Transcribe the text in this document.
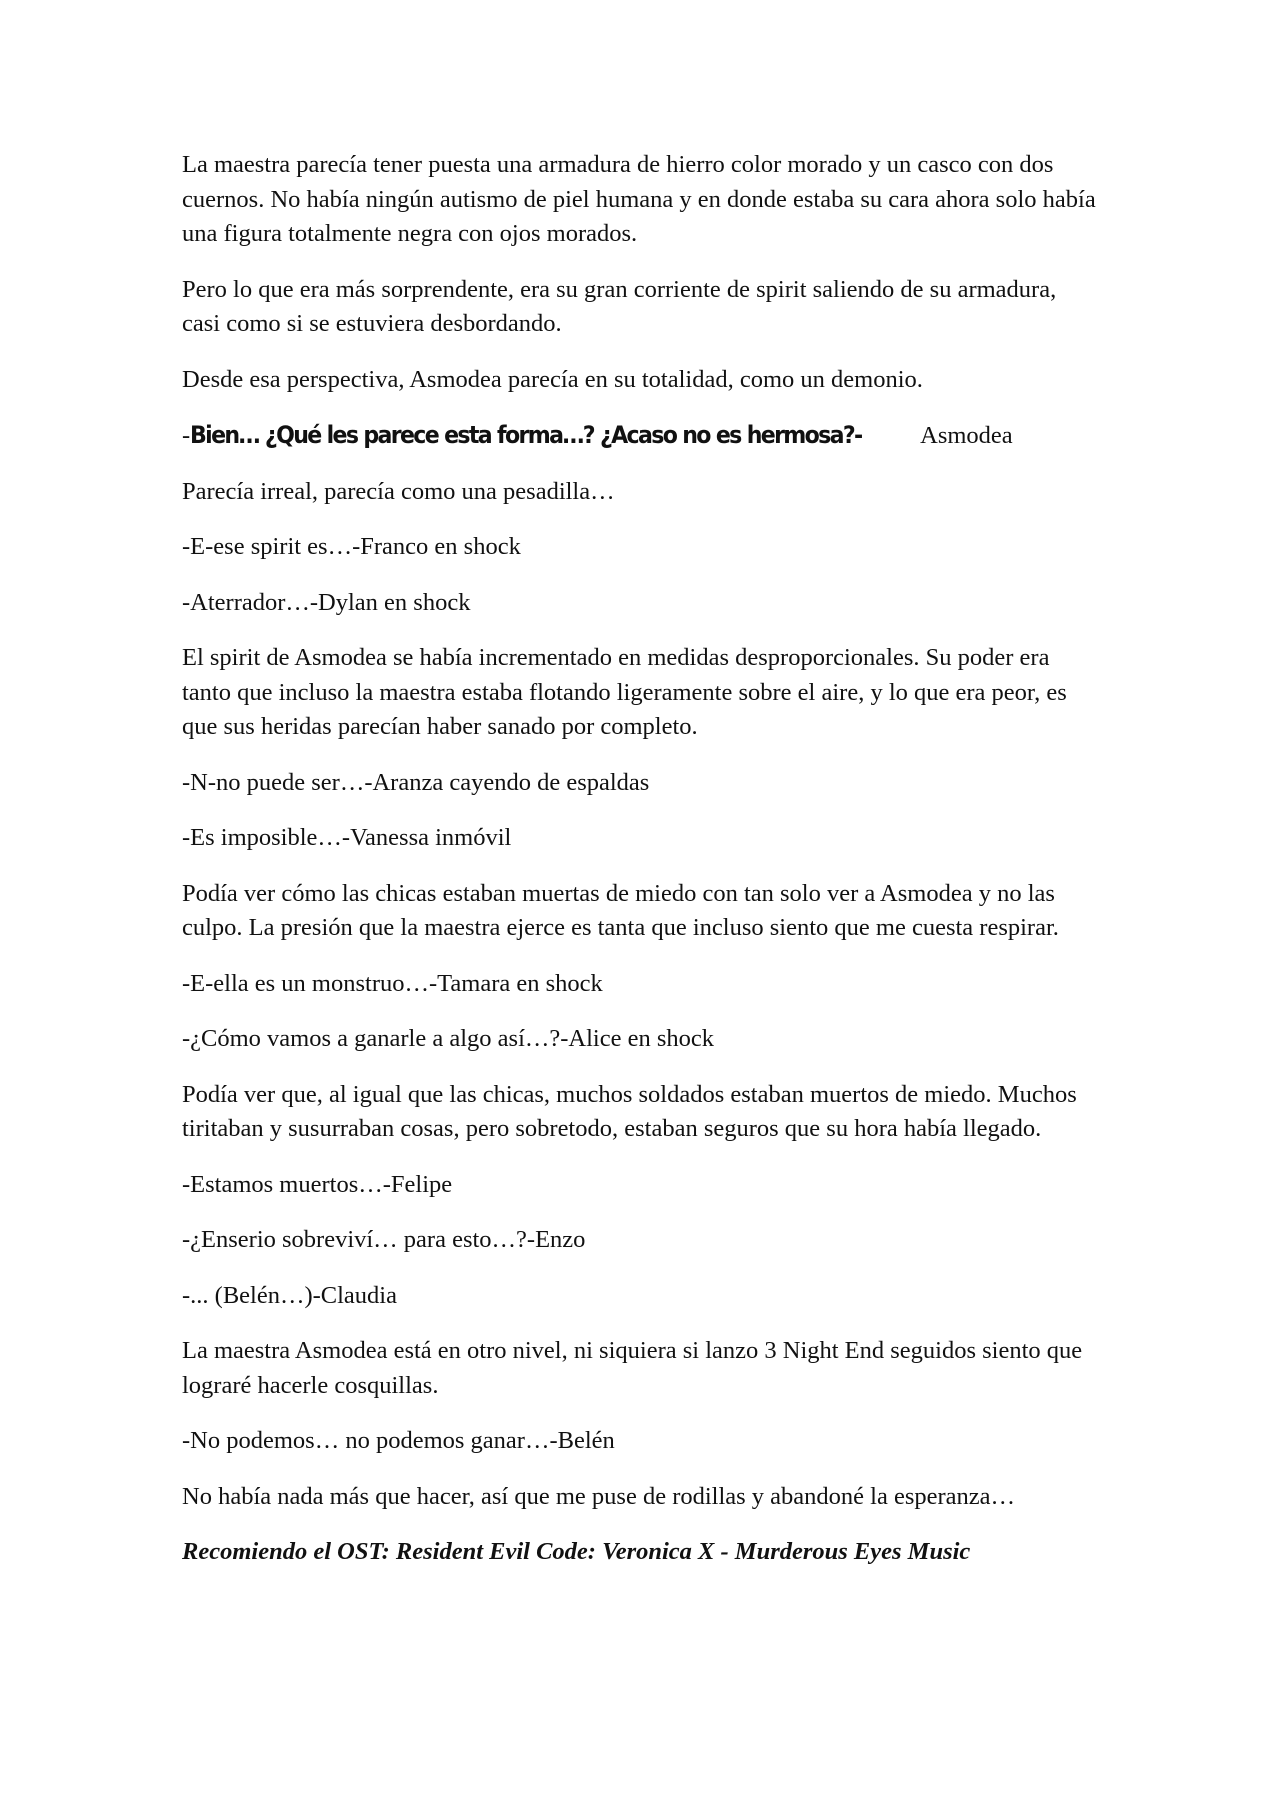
La maestra parecía tener puesta una armadura de hierro color morado y un casco con dos cuernos. No había ningún autismo de piel humana y en donde estaba su cara ahora solo había una figura totalmente negra con ojos morados.

Pero lo que era más sorprendente, era su gran corriente de spirit saliendo de su armadura, casi como si se estuviera desbordando.

Desde esa perspectiva, Asmodea parecía en su totalidad, como un demonio.

-Bien… ¿Qué les parece esta forma…? ¿Acaso no es hermosa?- Asmodea

Parecía irreal, parecía como una pesadilla…

-E-ese spirit es…-Franco en shock

-Aterrador…-Dylan en shock

El spirit de Asmodea se había incrementado en medidas desproporcionales. Su poder era tanto que incluso la maestra estaba flotando ligeramente sobre el aire, y lo que era peor, es que sus heridas parecían haber sanado por completo.

-N-no puede ser…-Aranza cayendo de espaldas

-Es imposible…-Vanessa inmóvil

Podía ver cómo las chicas estaban muertas de miedo con tan solo ver a Asmodea y no las culpo. La presión que la maestra ejerce es tanta que incluso siento que me cuesta respirar.

-E-ella es un monstruo…-Tamara en shock

-¿Cómo vamos a ganarle a algo así…?-Alice en shock

Podía ver que, al igual que las chicas, muchos soldados estaban muertos de miedo. Muchos tiritaban y susurraban cosas, pero sobretodo, estaban seguros que su hora había llegado.

-Estamos muertos…-Felipe

-¿Enserio sobreviví… para esto…?-Enzo

-... (Belén…)-Claudia

La maestra Asmodea está en otro nivel, ni siquiera si lanzo 3 Night End seguidos siento que lograré hacerle cosquillas.

-No podemos… no podemos ganar…-Belén

No había nada más que hacer, así que me puse de rodillas y abandoné la esperanza…

Recomiendo el OST: Resident Evil Code: Veronica X - Murderous Eyes Music
